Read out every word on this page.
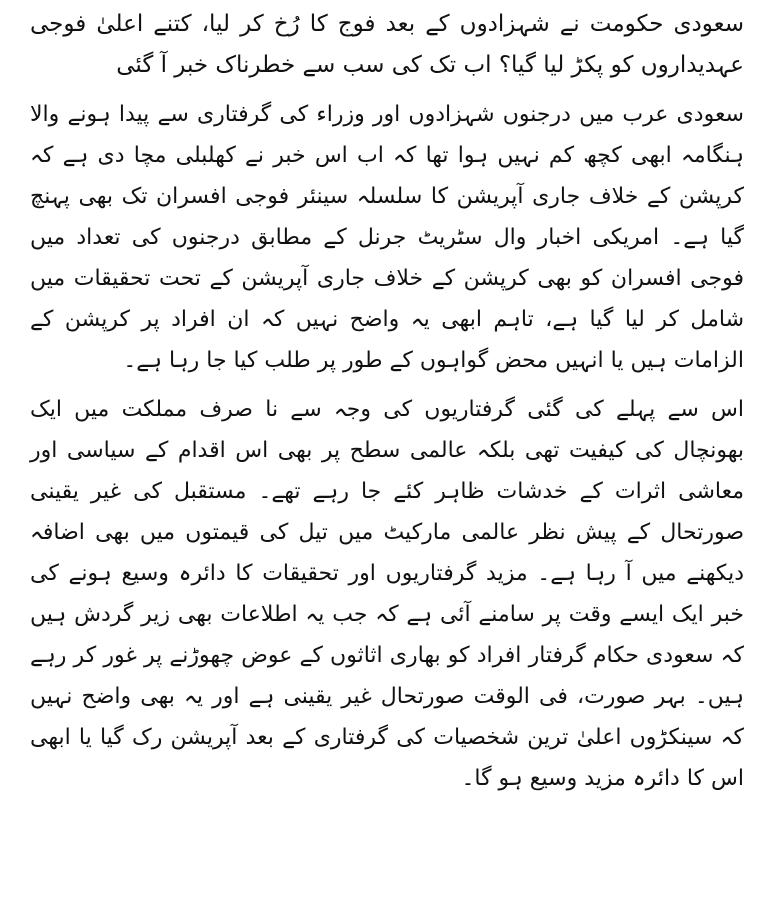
سعودی حکومت نے شہزادوں کے بعد فوج کا رُخ کر لیا، کتنے اعلیٰ فوجی عہدیداروں کو پکڑ لیا گیا؟ اب تک کی سب سے خطرناک خبر آ گئی

سعودی عرب میں درجنوں شہزادوں اور وزراء کی گرفتاری سے پیدا ہونے والا ہنگامہ ابھی کچھ کم نہیں ہوا تھا کہ اب اس خبر نے کھلبلی مچا دی ہے کہ کرپشن کے خلاف جاری آپریشن کا سلسلہ سینئر فوجی افسران تک بھی پہنچ گیا ہے۔ امریکی اخبار وال سٹریٹ جرنل کے مطابق درجنوں کی تعداد میں فوجی افسران کو بھی کرپشن کے خلاف جاری آپریشن کے تحت تحقیقات میں شامل کر لیا گیا ہے، تاہم ابھی یہ واضح نہیں کہ ان افراد پر کرپشن کے الزامات ہیں یا انہیں محض گواہوں کے طور پر طلب کیا جا رہا ہے۔

اس سے پہلے کی گئی گرفتاریوں کی وجہ سے نا صرف مملکت میں ایک بھونچال کی کیفیت تھی بلکہ عالمی سطح پر بھی اس اقدام کے سیاسی اور معاشی اثرات کے خدشات ظاہر کئے جا رہے تھے۔ مستقبل کی غیر یقینی صورتحال کے پیش نظر عالمی مارکیٹ میں تیل کی قیمتوں میں بھی اضافہ دیکھنے میں آ رہا ہے۔ مزید گرفتاریوں اور تحقیقات کا دائرہ وسیع ہونے کی خبر ایک ایسے وقت پر سامنے آئی ہے کہ جب یہ اطلاعات بھی زیر گردش ہیں کہ سعودی حکام گرفتار افراد کو بھاری اثاثوں کے عوض چھوڑنے پر غور کر رہے ہیں۔ بہر صورت، فی الوقت صورتحال غیر یقینی ہے اور یہ بھی واضح نہیں کہ سینکڑوں اعلیٰ ترین شخصیات کی گرفتاری کے بعد آپریشن رک گیا یا ابھی اس کا دائرہ مزید وسیع ہو گا۔
